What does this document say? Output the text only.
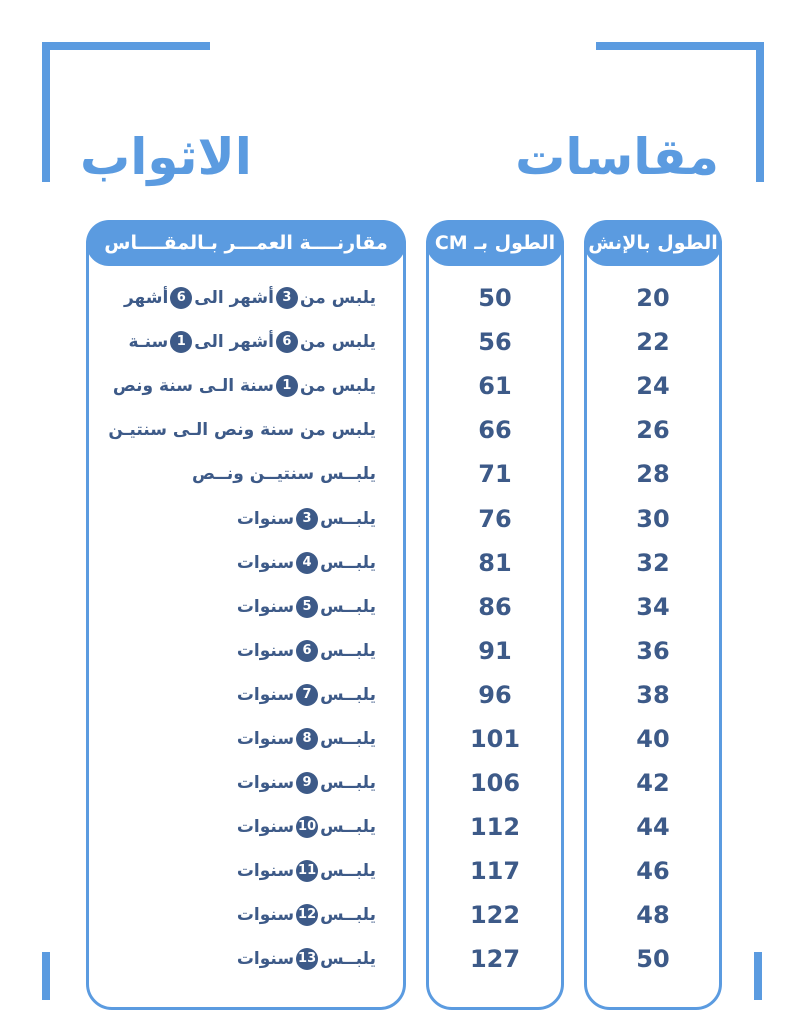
مقاسات
الاثواب
الطول بالإنش
الطول بـ CM
مقارنــــة العمـــر بـالمقــــاس
20
22
24
26
28
30
32
34
36
38
40
42
44
46
48
50
50
56
61
66
71
76
81
86
91
96
101
106
112
117
122
127
يلبس من
3
أشهر الى
6
أشهر
يلبس من
6
أشهر الى
1
سنـة
يلبس من
1
سنة الـى سنة ونص
يلبس من سنة ونص الـى سنتيـن
يلبــس سنتيــن ونــص
يلبــس
3
سنوات
يلبــس
4
سنوات
يلبــس
5
سنوات
يلبــس
6
سنوات
يلبــس
7
سنوات
يلبــس
8
سنوات
يلبــس
9
سنوات
يلبــس
10
سنوات
يلبــس
11
سنوات
يلبــس
12
سنوات
يلبــس
13
سنوات
